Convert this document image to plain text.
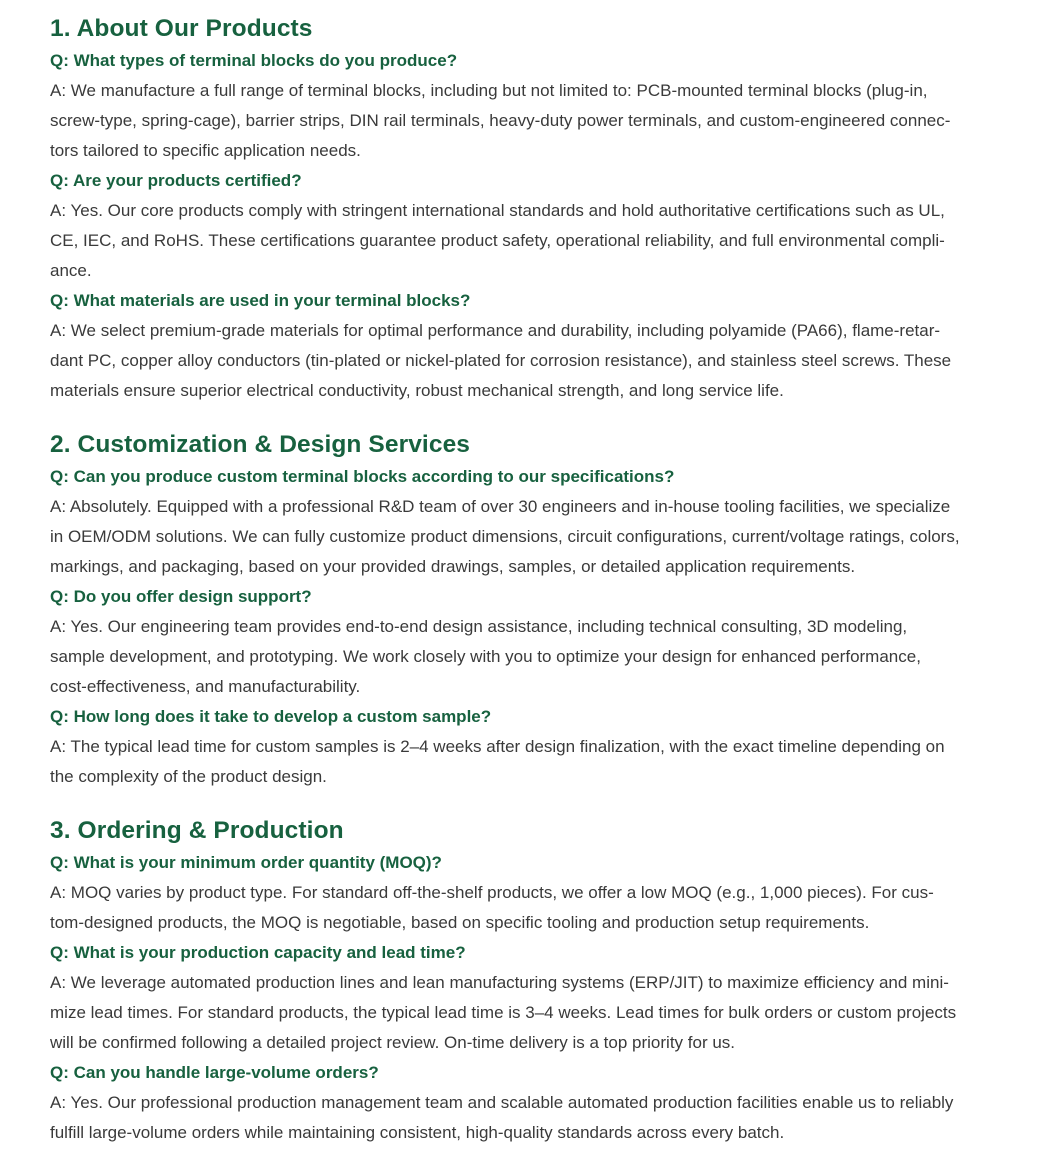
1. About Our Products

Q: What types of terminal blocks do you produce?

A: We manufacture a full range of terminal blocks, including but not limited to: PCB-mounted terminal blocks (plug-in,
screw-type, spring-cage), barrier strips, DIN rail terminals, heavy-duty power terminals, and custom-engineered connec-
tors tailored to specific application needs.

Q: Are your products certified?

A: Yes. Our core products comply with stringent international standards and hold authoritative certifications such as UL,
CE, IEC, and RoHS. These certifications guarantee product safety, operational reliability, and full environmental compli-
ance.

Q: What materials are used in your terminal blocks?

A: We select premium-grade materials for optimal performance and durability, including polyamide (PA66), flame-retar-
dant PC, copper alloy conductors (tin-plated or nickel-plated for corrosion resistance), and stainless steel screws. These
materials ensure superior electrical conductivity, robust mechanical strength, and long service life.

2. Customization & Design Services

Q: Can you produce custom terminal blocks according to our specifications?

A: Absolutely. Equipped with a professional R&D team of over 30 engineers and in-house tooling facilities, we specialize
in OEM/ODM solutions. We can fully customize product dimensions, circuit configurations, current/voltage ratings, colors,
markings, and packaging, based on your provided drawings, samples, or detailed application requirements.

Q: Do you offer design support?

A: Yes. Our engineering team provides end-to-end design assistance, including technical consulting, 3D modeling,
sample development, and prototyping. We work closely with you to optimize your design for enhanced performance,
cost-effectiveness, and manufacturability.

Q: How long does it take to develop a custom sample?

A: The typical lead time for custom samples is 2–4 weeks after design finalization, with the exact timeline depending on
the complexity of the product design.

3. Ordering & Production

Q: What is your minimum order quantity (MOQ)?

A: MOQ varies by product type. For standard off-the-shelf products, we offer a low MOQ (e.g., 1,000 pieces). For cus-
tom-designed products, the MOQ is negotiable, based on specific tooling and production setup requirements.

Q: What is your production capacity and lead time?

A: We leverage automated production lines and lean manufacturing systems (ERP/JIT) to maximize efficiency and mini-
mize lead times. For standard products, the typical lead time is 3–4 weeks. Lead times for bulk orders or custom projects
will be confirmed following a detailed project review. On-time delivery is a top priority for us.

Q: Can you handle large-volume orders?

A: Yes. Our professional production management team and scalable automated production facilities enable us to reliably
fulfill large-volume orders while maintaining consistent, high-quality standards across every batch.
